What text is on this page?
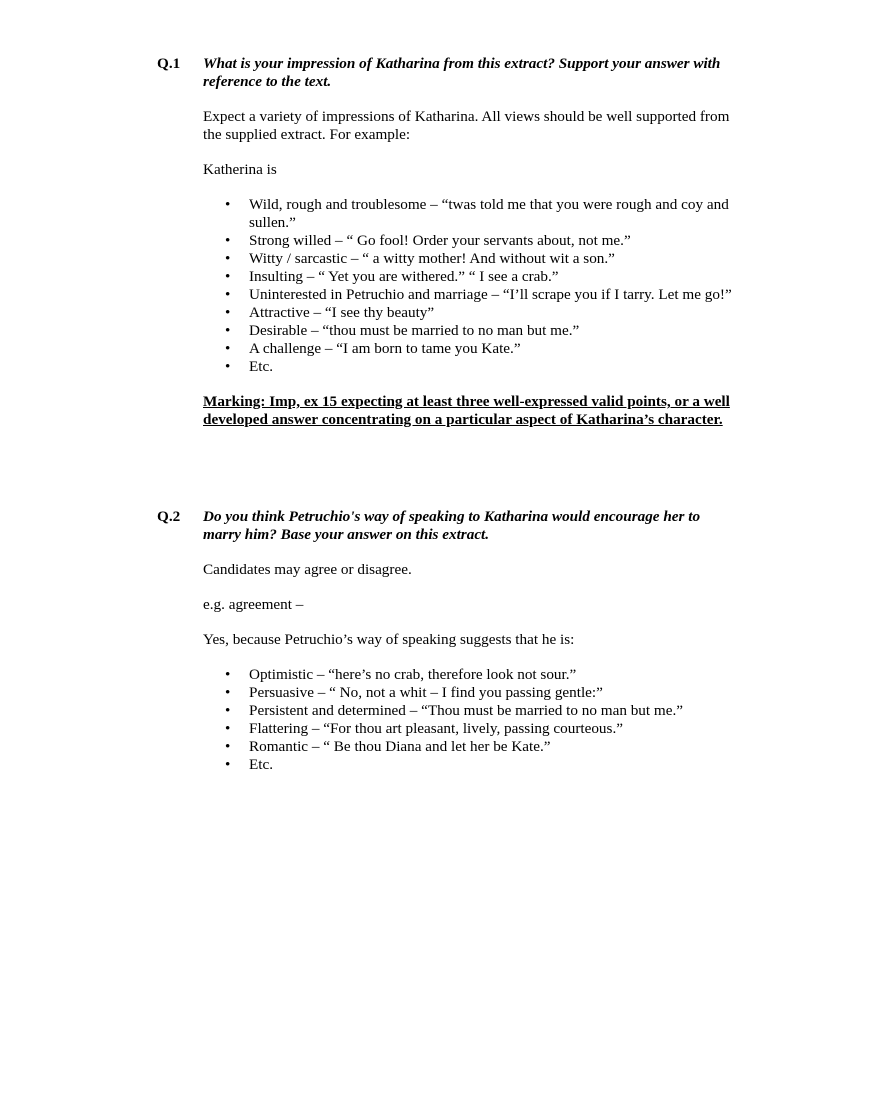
Q.1	What is your impression of Katharina from this extract? Support your answer with reference to the text.

Expect a variety of impressions of Katharina. All views should be well supported from the supplied extract. For example:

Katherina is

• Wild, rough and troublesome – “twas told me that you were rough and coy and sullen.”
• Strong willed – “ Go fool! Order your servants about, not me.”
• Witty / sarcastic – “ a witty mother! And without wit a son.”
• Insulting – “ Yet you are withered.” “ I see a crab.”
• Uninterested in Petruchio and marriage – “I’ll scrape you if I tarry. Let me go!”
• Attractive – “I see thy beauty”
• Desirable – “thou must be married to no man but me.”
• A challenge – “I am born to tame you Kate.”
• Etc.

Marking: Imp, ex 15 expecting at least three well-expressed valid points, or a well developed answer concentrating on a particular aspect of Katharina’s character.

Q.2	Do you think Petruchio's way of speaking to Katharina would encourage her to marry him? Base your answer on this extract.

Candidates may agree or disagree.

e.g. agreement –

Yes, because Petruchio’s way of speaking suggests that he is:

• Optimistic – “here’s no crab, therefore look not sour.”
• Persuasive – “ No, not a whit – I find you passing gentle:”
• Persistent and determined – “Thou must be married to no man but me.”
• Flattering – “For thou art pleasant, lively, passing courteous.”
• Romantic – “ Be thou Diana and let her be Kate.”
• Etc.
